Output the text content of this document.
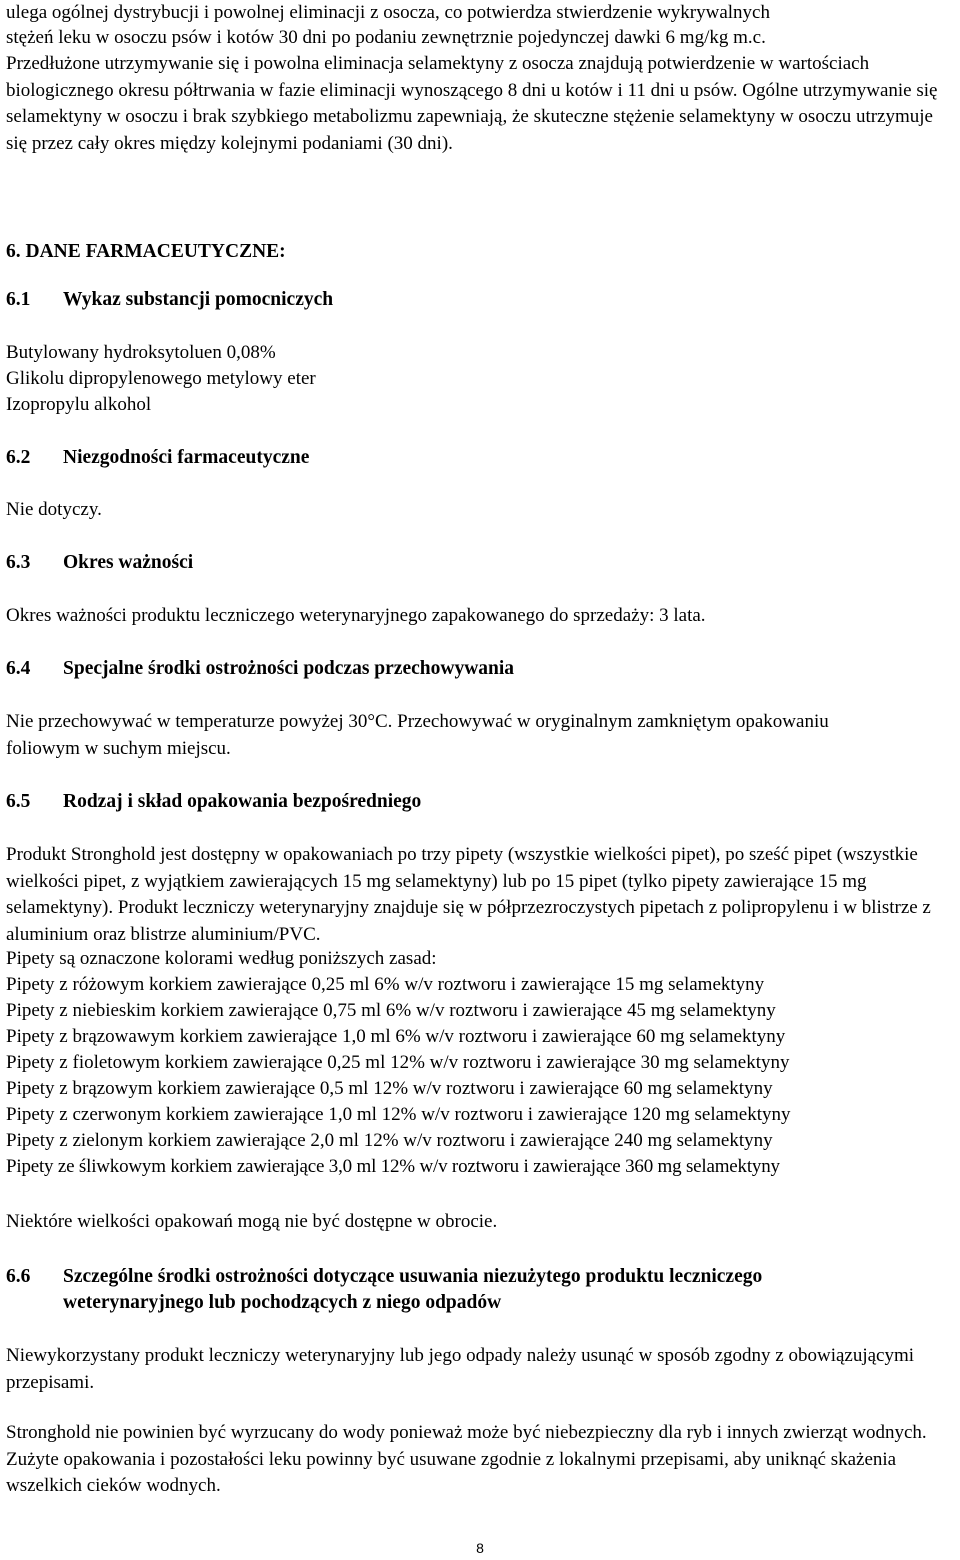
ulega ogólnej dystrybucji i powolnej eliminacji z osocza, co potwierdza stwierdzenie wykrywalnych

stężeń leku w osoczu psów i kotów 30 dni po podaniu zewnętrznie pojedynczej dawki 6 mg/kg m.c.

Przedłużone utrzymywanie się i powolna eliminacja selamektyny z osocza znajdują potwierdzenie w wartościach biologicznego okresu półtrwania w fazie eliminacji wynoszącego 8 dni u kotów i 11 dni u psów. Ogólne utrzymywanie się selamektyny w osoczu i brak szybkiego metabolizmu zapewniają, że skuteczne stężenie selamektyny w osoczu utrzymuje się przez cały okres między kolejnymi podaniami (30 dni).

6. DANE FARMACEUTYCZNE:

6.1	Wykaz substancji pomocniczych

Butylowany hydroksytoluen 0,08%

Glikolu dipropylenowego metylowy eter

Izopropylu alkohol

6.2	Niezgodności farmaceutyczne

Nie dotyczy.

6.3	Okres ważności

Okres ważności produktu leczniczego weterynaryjnego zapakowanego do sprzedaży: 3 lata.

6.4	Specjalne środki ostrożności podczas przechowywania

Nie przechowywać w temperaturze powyżej 30°C. Przechowywać w oryginalnym zamkniętym opakowaniu foliowym w suchym miejscu.

6.5	Rodzaj i skład opakowania bezpośredniego

Produkt Stronghold jest dostępny w opakowaniach po trzy pipety (wszystkie wielkości pipet), po sześć pipet (wszystkie wielkości pipet, z wyjątkiem zawierających 15 mg selamektyny) lub po 15 pipet (tylko pipety zawierające 15 mg selamektyny). Produkt leczniczy weterynaryjny znajduje się w półprzezroczystych pipetach z polipropylenu i w blistrze z aluminium oraz blistrze aluminium/PVC.

Pipety są oznaczone kolorami według poniższych zasad:

Pipety z różowym korkiem zawierające 0,25 ml 6% w/v roztworu i zawierające 15 mg selamektyny

Pipety z niebieskim korkiem zawierające 0,75 ml 6% w/v roztworu i zawierające 45 mg selamektyny

Pipety z brązowawym korkiem zawierające 1,0 ml 6% w/v roztworu i zawierające 60 mg selamektyny

Pipety z fioletowym korkiem zawierające 0,25 ml 12% w/v roztworu i zawierające 30 mg selamektyny

Pipety z brązowym korkiem zawierające 0,5 ml 12% w/v roztworu i zawierające 60 mg selamektyny

Pipety z czerwonym korkiem zawierające 1,0 ml 12% w/v roztworu i zawierające 120 mg selamektyny

Pipety z zielonym korkiem zawierające 2,0 ml 12% w/v roztworu i zawierające 240 mg selamektyny

Pipety ze śliwkowym korkiem zawierające 3,0 ml 12% w/v roztworu i zawierające 360 mg selamektyny

Niektóre wielkości opakowań mogą nie być dostępne w obrocie.

6.6	Szczególne środki ostrożności dotyczące usuwania niezużytego produktu leczniczego weterynaryjnego lub pochodzących z niego odpadów

Niewykorzystany produkt leczniczy weterynaryjny lub jego odpady należy usunąć w sposób zgodny z obowiązującymi przepisami.

Stronghold nie powinien być wyrzucany do wody ponieważ może być niebezpieczny dla ryb i innych zwierząt wodnych. Zużyte opakowania i pozostałości leku powinny być usuwane zgodnie z lokalnymi przepisami, aby uniknąć skażenia wszelkich cieków wodnych.

8
